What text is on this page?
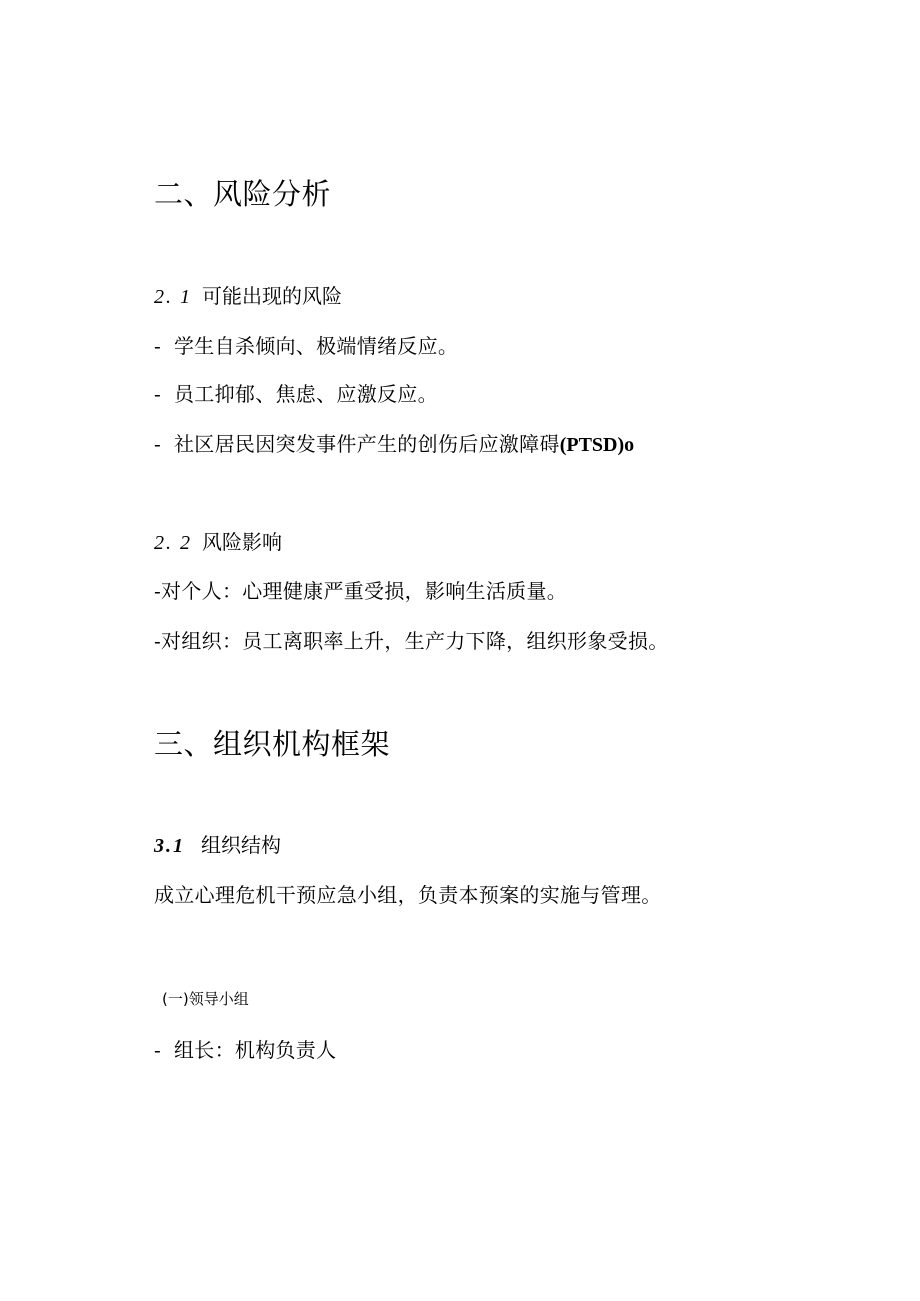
二、风险分析
2. 1 可能出现的风险
- 学生自杀倾向、极端情绪反应。
- 员工抑郁、焦虑、应激反应。
- 社区居民因突发事件产生的创伤后应激障碍(PTSD)o
2. 2 风险影响
-对个人：心理健康严重受损，影响生活质量。
-对组织：员工离职率上升，生产力下降，组织形象受损。
三、组织机构框架
3.1 组织结构
成立心理危机干预应急小组，负责本预案的实施与管理。
(一)领导小组
- 组长：机构负责人
